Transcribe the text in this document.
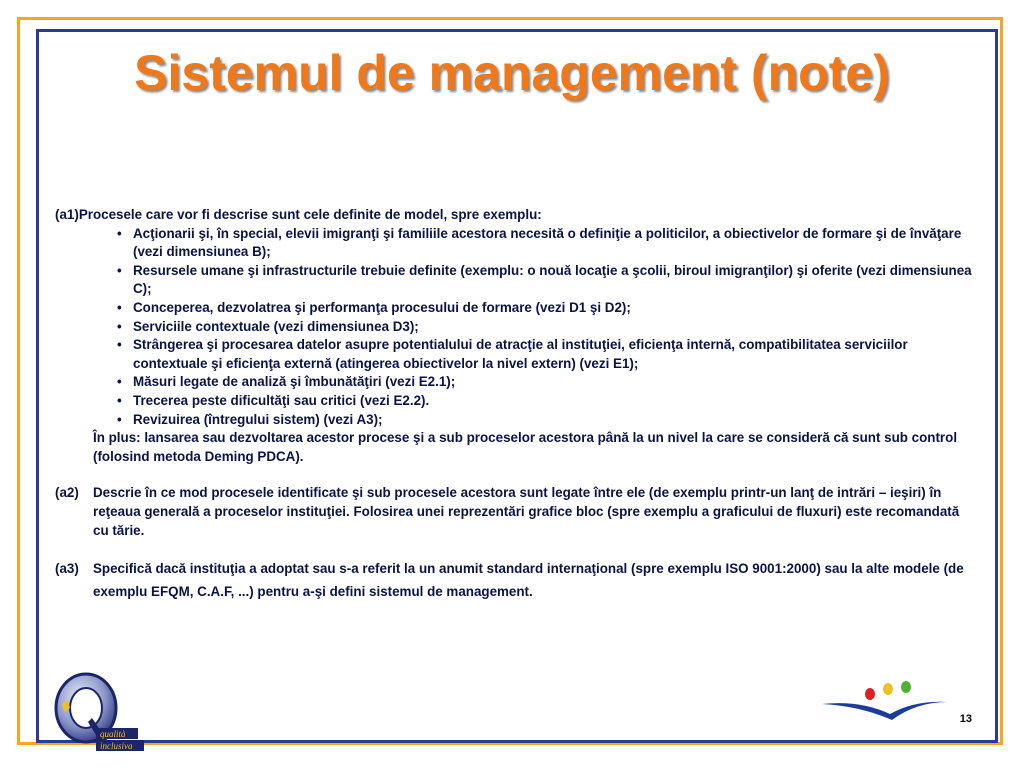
Sistemul de management (note)
(a1)Procesele care vor fi descrise sunt cele definite de model, spre exemplu:
• Acţionarii şi, în special, elevii imigranţi şi familiile acestora necesită o definiţie a politicilor, a obiectivelor de formare şi de învăţare (vezi dimensiunea B);
• Resursele umane şi infrastructurile trebuie definite (exemplu: o nouă locaţie a şcolii, biroul imigranţilor) şi oferite (vezi dimensiunea C);
• Conceperea, dezvolatrea şi performanţa procesului de formare (vezi D1 şi D2);
• Serviciile contextuale (vezi dimensiunea D3);
• Strângerea şi procesarea datelor asupre potentialului de atracţie al instituţiei, eficienţa internă, compatibilitatea serviciilor contextuale şi eficienţa externă (atingerea obiectivelor la nivel extern) (vezi E1);
• Măsuri legate de analiză şi îmbunătăţiri (vezi E2.1);
• Trecerea peste dificultăţi sau critici (vezi E2.2).
• Revizuirea (întregului sistem) (vezi A3);
În plus: lansarea sau dezvoltarea acestor procese şi a sub proceselor acestora până la un nivel la care se consideră că sunt sub control (folosind metoda Deming PDCA).
(a2)	Descrie în ce mod procesele identificate şi sub procesele acestora sunt legate între ele (de exemplu printr-un lanţ de intrări – ieşiri) în reţeaua generală a proceselor instituţiei. Folosirea unei reprezentări grafice bloc (spre exemplu a graficului de fluxuri) este recomandată cu tărie.
(a3)	Specifică dacă instituţia a adoptat sau s-a referit la un anumit standard internaţional (spre exemplu ISO 9001:2000) sau la alte modele (de exemplu EFQM, C.A.F, ...) pentru a-şi defini sistemul de management.
qualità
inclusiva
13
